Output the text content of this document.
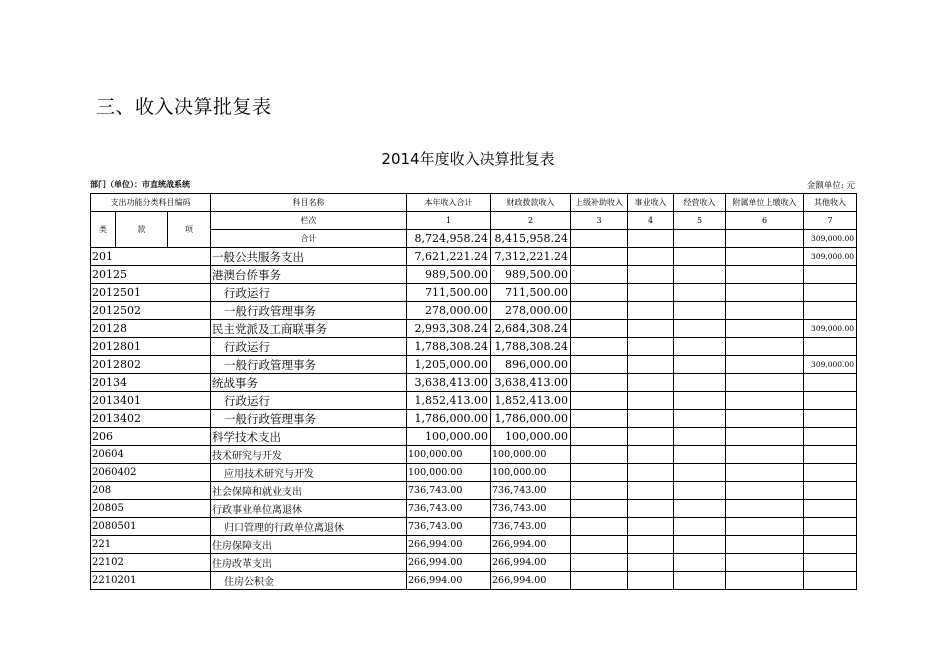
三、收入决算批复表
2014年度收入决算批复表
部门（单位）：市直统战系统	金额单位: 元
支出功能分类科目编码			科目名称	本年收入合计	财政拨款收入	上级补助收入	事业收入	经营收入	附属单位上缴收入	其他收入
类	款	项	栏次	1	2	3	4	5	6	7
			合计	8,724,958.24	8,415,958.24					309,000.00
201			一般公共服务支出	7,621,221.24	7,312,221.24					309,000.00
20125			港澳台侨事务	989,500.00	989,500.00					
2012501			行政运行	711,500.00	711,500.00					
2012502			一般行政管理事务	278,000.00	278,000.00					
20128			民主党派及工商联事务	2,993,308.24	2,684,308.24					309,000.00
2012801			行政运行	1,788,308.24	1,788,308.24					
2012802			一般行政管理事务	1,205,000.00	896,000.00					309,000.00
20134			统战事务	3,638,413.00	3,638,413.00					
2013401			行政运行	1,852,413.00	1,852,413.00					
2013402			一般行政管理事务	1,786,000.00	1,786,000.00					
206			科学技术支出	100,000.00	100,000.00					
20604			技术研究与开发	100,000.00	100,000.00					
2060402			应用技术研究与开发	100,000.00	100,000.00					
208			社会保障和就业支出	736,743.00	736,743.00					
20805			行政事业单位离退休	736,743.00	736,743.00					
2080501			归口管理的行政单位离退休	736,743.00	736,743.00					
221			住房保障支出	266,994.00	266,994.00					
22102			住房改革支出	266,994.00	266,994.00					
2210201			住房公积金	266,994.00	266,994.00					
